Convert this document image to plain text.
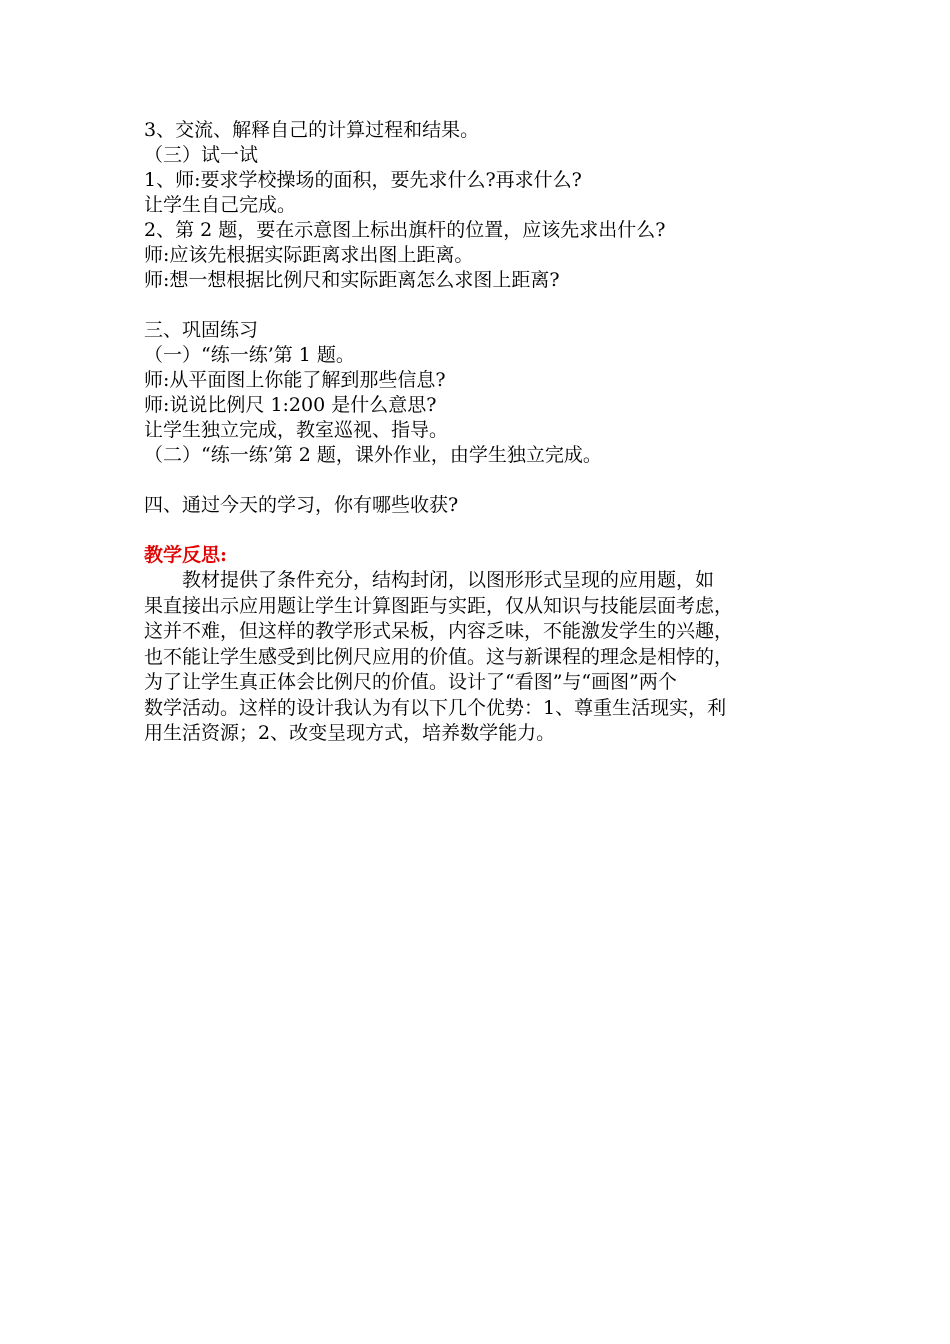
3、交流、解释自己的计算过程和结果。
（三）试一试
1、师:要求学校操场的面积，要先求什么?再求什么?
让学生自己完成。
2、第 2 题，要在示意图上标出旗杆的位置，应该先求出什么?
师:应该先根据实际距离求出图上距离。
师:想一想根据比例尺和实际距离怎么求图上距离?
三、巩固练习
（一）“练一练’第 1 题。
师:从平面图上你能了解到那些信息?
师:说说比例尺 1:200 是什么意思?
让学生独立完成，教室巡视、指导。
（二）“练一练’第 2 题，课外作业，由学生独立完成。
四、通过今天的学习，你有哪些收获?
教学反思:
教材提供了条件充分，结构封闭，以图形形式呈现的应用题，如
果直接出示应用题让学生计算图距与实距，仅从知识与技能层面考虑，
这并不难，但这样的教学形式呆板，内容乏味，不能激发学生的兴趣，
也不能让学生感受到比例尺应用的价值。这与新课程的理念是相悖的，
为了让学生真正体会比例尺的价值。设计了“看图”与“画图”两个
数学活动。这样的设计我认为有以下几个优势：1、尊重生活现实，利
用生活资源；2、改变呈现方式，培养数学能力。
